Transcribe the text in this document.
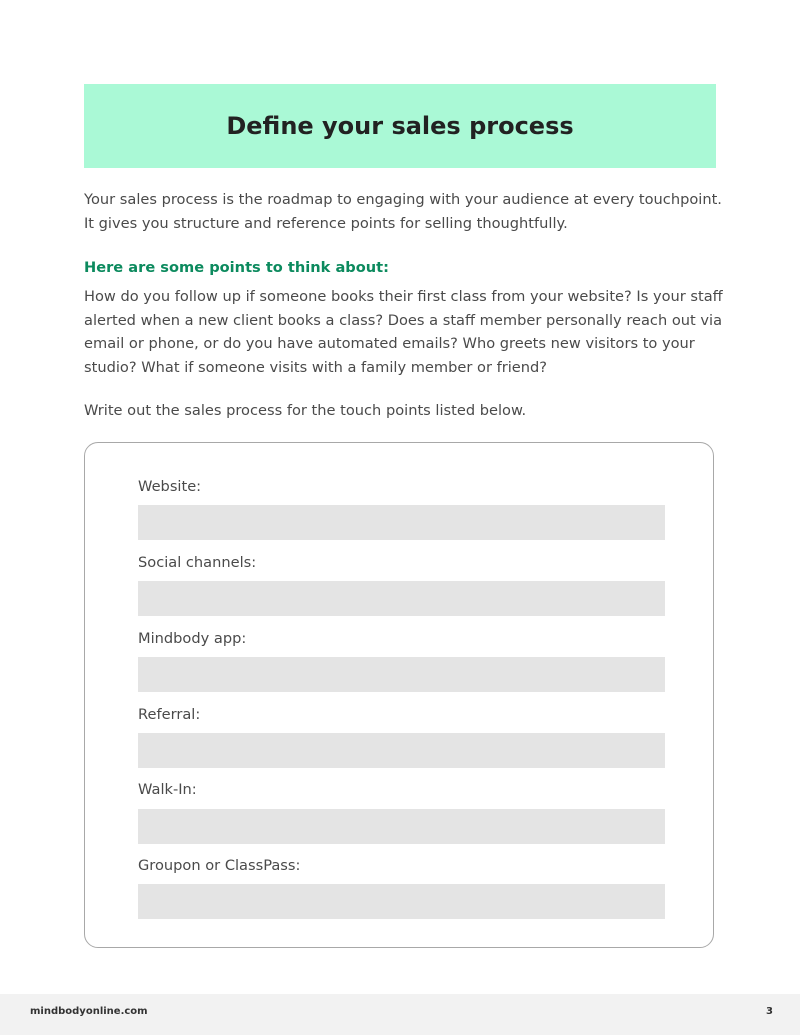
Define your sales process

Your sales process is the roadmap to engaging with your audience at every touchpoint.
It gives you structure and reference points for selling thoughtfully.

Here are some points to think about:

How do you follow up if someone books their first class from your website? Is your staff
alerted when a new client books a class? Does a staff member personally reach out via
email or phone, or do you have automated emails? Who greets new visitors to your
studio? What if someone visits with a family member or friend?

Write out the sales process for the touch points listed below.

Website:
Social channels:
Mindbody app:
Referral:
Walk-In:
Groupon or ClassPass:
mindbodyonline.com	3
